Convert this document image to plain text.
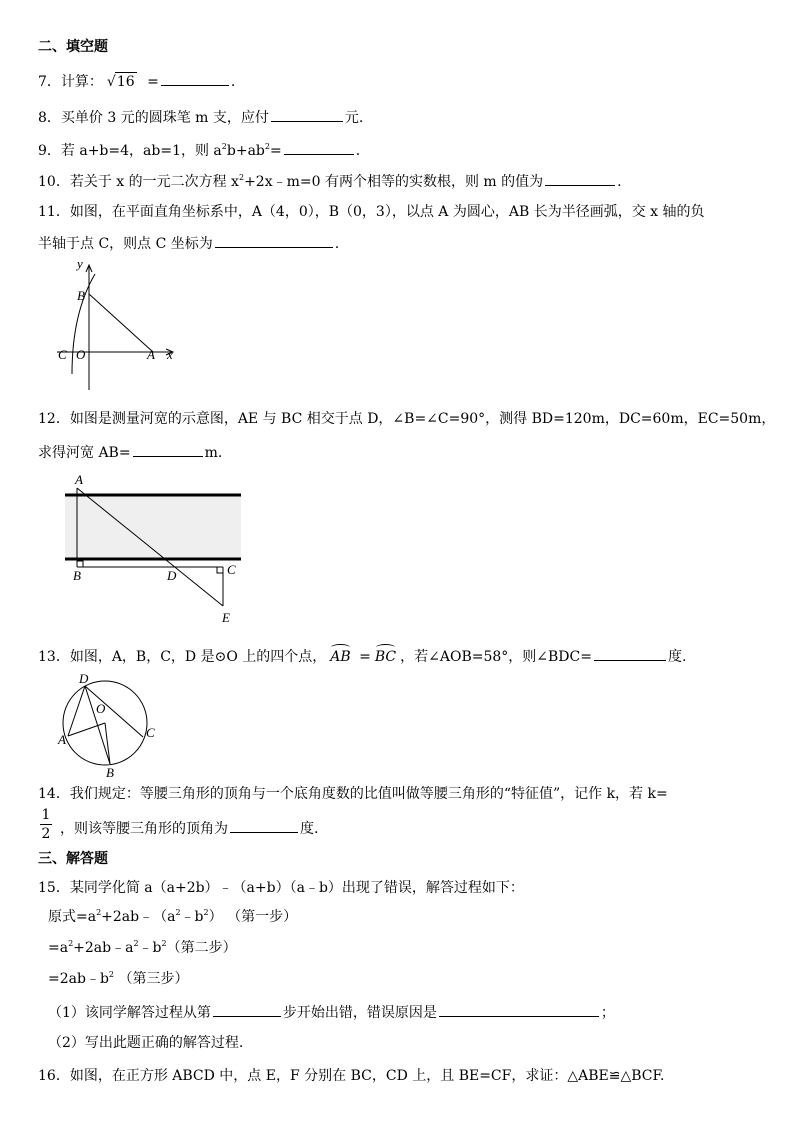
二、填空题
7．计算： √16 =	.
8．买单价 3 元的圆珠笔 m 支，应付	元.
9．若 a+b=4，ab=1，则 $a^2b+ab^2=$	.
10．若关于 x 的一元二次方程 $x^2+2x﹣m=0$ 有两个相等的实数根，则 m 的值为	.
11．如图，在平面直角坐标系中，A（4，0），B（0，3），以点 A 为圆心，AB 长为半径画弧，交 x 轴的负
半轴于点 C，则点 C 坐标为	.
y
B
C O	A x
12．如图是测量河宽的示意图，AE 与 BC 相交于点 D，∠B=∠C=90°，测得 BD=120m，DC=60m，EC=50m，
求得河宽 AB=	m.
A
B	D	C
E
13．如图，A，B，C，D 是⊙O 上的四个点， AB = BC ，若∠AOB=58°，则∠BDC=	度.
D
O
A	C
B
14．我们规定：等腰三角形的顶角与一个底角度数的比值叫做等腰三角形的“特征值”，记作 k，若 k=
$\frac{1}{2}$ ，则该等腰三角形的顶角为	度.
三、解答题
15．某同学化简 a（a+2b）﹣（a+b）（a﹣b）出现了错误，解答过程如下：
原式$=a^2+2ab﹣(a^2﹣b^2)$ （第一步）
$=a^2+2ab﹣a^2﹣b^2$（第二步）
$=2ab﹣b^2$ （第三步）
（1）该同学解答过程从第	步开始出错，错误原因是	；
（2）写出此题正确的解答过程.
16．如图，在正方形 ABCD 中，点 E，F 分别在 BC，CD 上，且 BE=CF，求证：△ABE≌△BCF.
